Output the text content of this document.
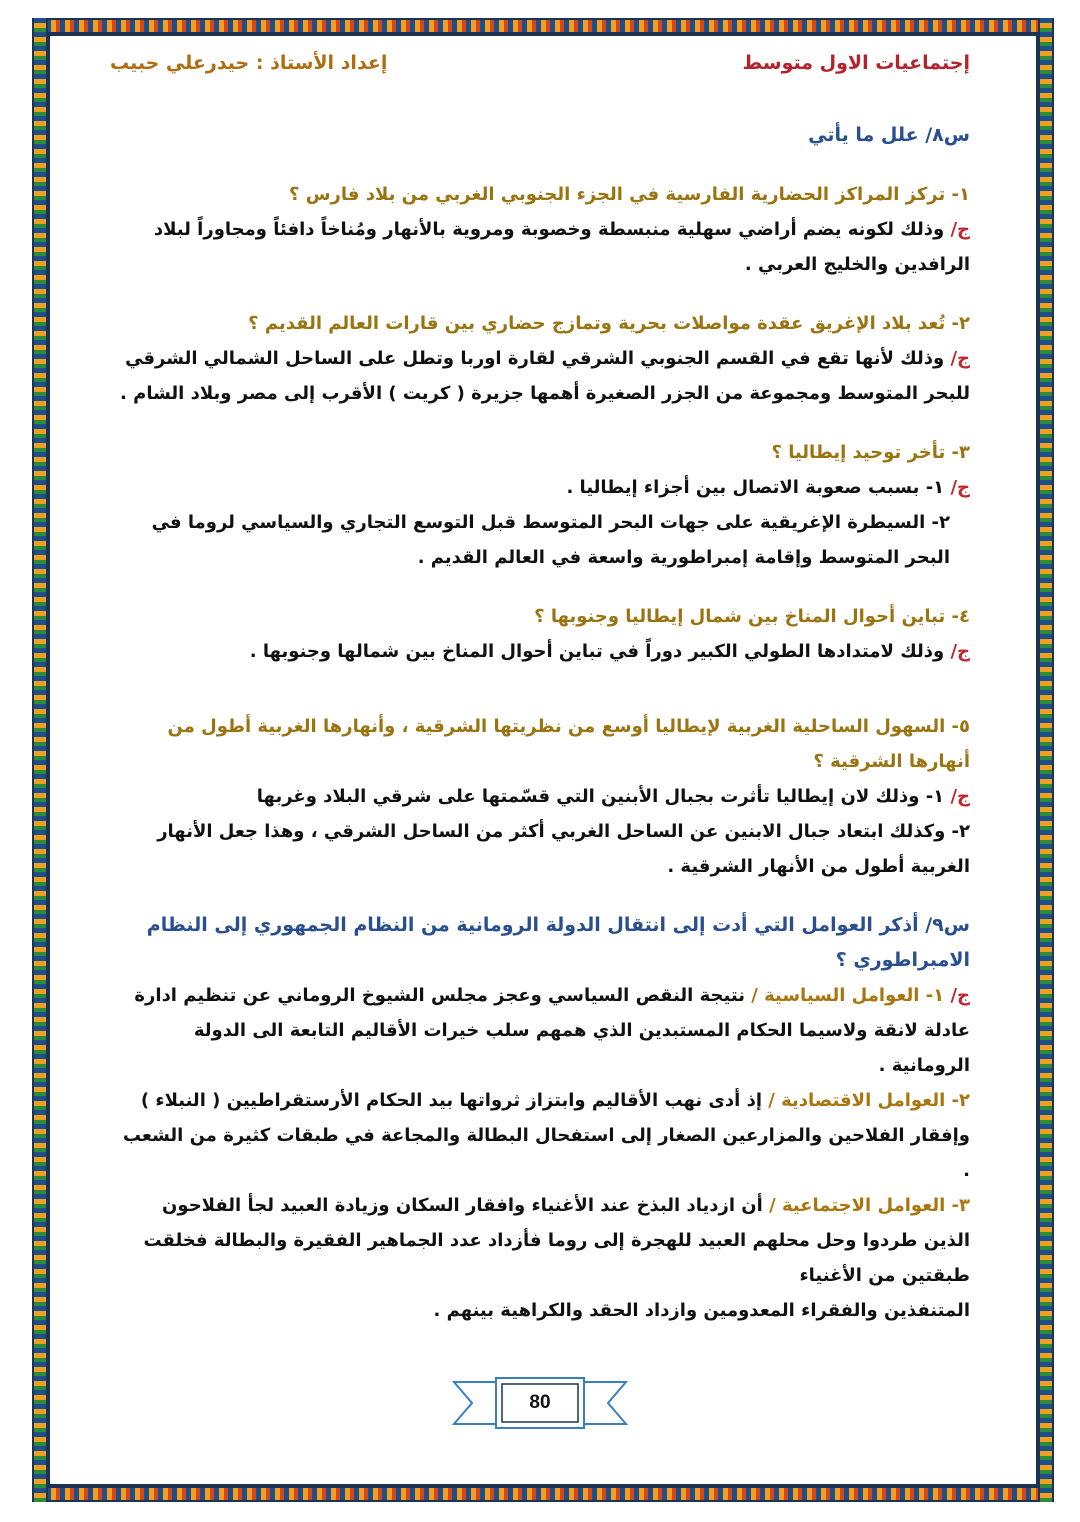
إجتماعيات الاول متوسط
إعداد الأستاذ : حيدرعلي حبيب

س٨/ علل ما يأتي

١- تركز المراكز الحضارية الفارسية في الجزء الجنوبي الغربي من بلاد فارس ؟

ج/ وذلك لكونه يضم أراضي سهلية منبسطة وخصوبة ومروية بالأنهار ومُناخاً دافئاً ومجاوراً لبلاد الرافدين والخليج العربي .

٢- تُعد بلاد الإغريق عقدة مواصلات بحرية وتمازج حضاري بين قارات العالم القديم ؟

ج/ وذلك لأنها تقع في القسم الجنوبي الشرقي لقارة اوربا وتطل على الساحل الشمالي الشرقي للبحر المتوسط ومجموعة من الجزر الصغيرة أهمها جزيرة ( كريت ) الأقرب إلى مصر وبلاد الشام .

٣- تأخر توحيد إيطاليا ؟

ج/ ١- بسبب صعوبة الاتصال بين أجزاء إيطاليا .

٢- السيطرة الإغريقية على جهات البحر المتوسط قبل التوسع التجاري والسياسي لروما في البحر المتوسط وإقامة إمبراطورية واسعة في العالم القديم .

٤- تباين أحوال المناخ بين شمال إيطاليا وجنوبها ؟

ج/ وذلك لامتدادها الطولي الكبير دوراً في تباين أحوال المناخ بين شمالها وجنوبها .

٥- السهول الساحلية الغربية لإيطاليا أوسع من نظريتها الشرقية ، وأنهارها الغربية أطول من أنهارها الشرقية ؟

ج/ ١- وذلك لان إيطاليا تأثرت بجبال الأبنين التي قسّمتها على شرقي البلاد وغربها

٢- وكذلك ابتعاد جبال الابنين عن الساحل الغربي أكثر من الساحل الشرقي ، وهذا جعل الأنهار الغربية أطول من الأنهار الشرقية .

س٩/ أذكر العوامل التي أدت إلى انتقال الدولة الرومانية من النظام الجمهوري إلى النظام الامبراطوري ؟

ج/ ١- العوامل السياسية / نتيجة النقص السياسي وعجز مجلس الشيوخ الروماني عن تنظيم ادارة عادلة لانقة ولاسيما الحكام المستبدين الذي همهم سلب خيرات الأقاليم التابعة الى الدولة الرومانية .

٢- العوامل الاقتصادية / إذ أدى نهب الأقاليم وابتزاز ثرواتها بيد الحكام الأرستقراطيين ( النبلاء ) وإفقار الفلاحين والمزارعين الصغار إلى استفحال البطالة والمجاعة في طبقات كثيرة من الشعب .

٣- العوامل الاجتماعية / أن ازدياد البذخ عند الأغنياء وافقار السكان وزيادة العبيد لجأ الفلاحون الذين طردوا وحل محلهم العبيد للهجرة إلى روما فأزداد عدد الجماهير الفقيرة والبطالة فخلقت طبقتين من الأغنياء

المتنفذين والفقراء المعدومين وازداد الحقد والكراهية بينهم .

80
